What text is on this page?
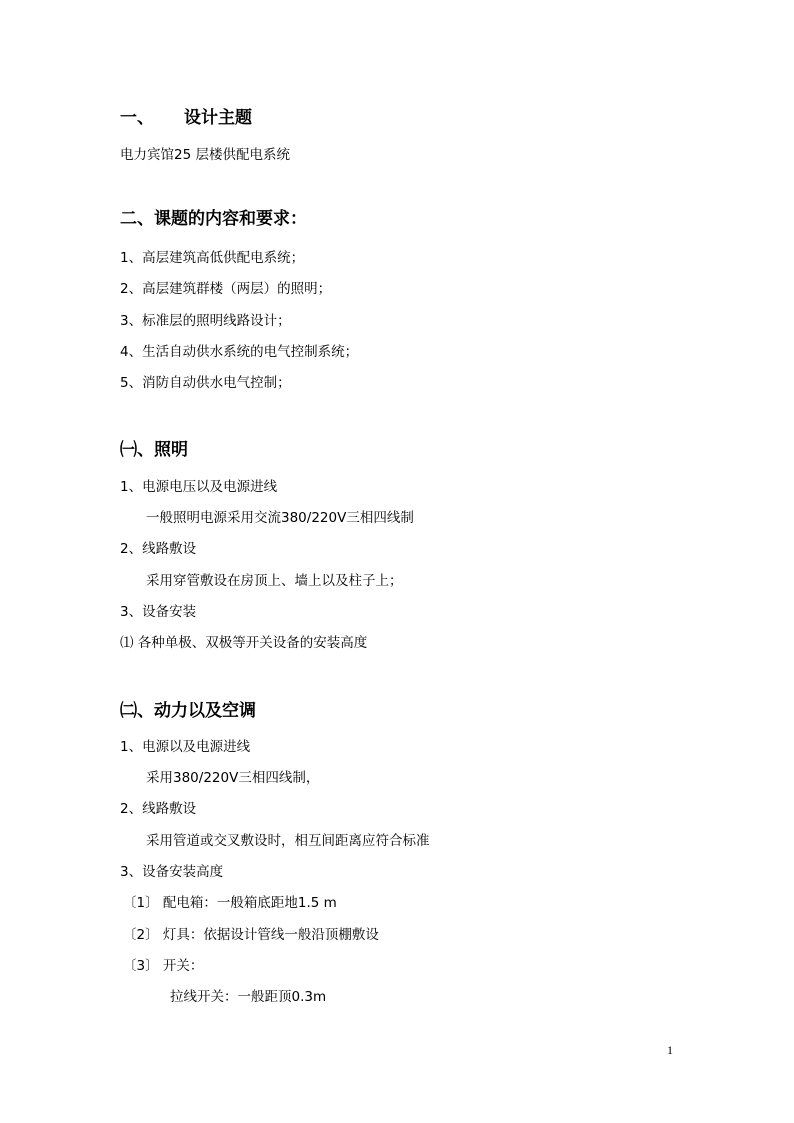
一、 设计主题
电力宾馆25 层楼供配电系统
二、课题的内容和要求：
1、高层建筑高低供配电系统；
2、高层建筑群楼（两层）的照明；
3、标准层的照明线路设计；
4、生活自动供水系统的电气控制系统；
5、消防自动供水电气控制；
㈠、照明
1、电源电压以及电源进线
一般照明电源采用交流380/220V三相四线制
2、线路敷设
采用穿管敷设在房顶上、墙上以及柱子上；
3、设备安装
⑴ 各种单极、双极等开关设备的安装高度
㈡、动力以及空调
1、电源以及电源进线
采用380/220V三相四线制，
2、线路敷设
采用管道或交叉敷设时，相互间距离应符合标准
3、设备安装高度
〔1〕 配电箱：一般箱底距地1.5 m
〔2〕 灯具：依据设计管线一般沿顶棚敷设
〔3〕 开关：
拉线开关：一般距顶0.3m
1
